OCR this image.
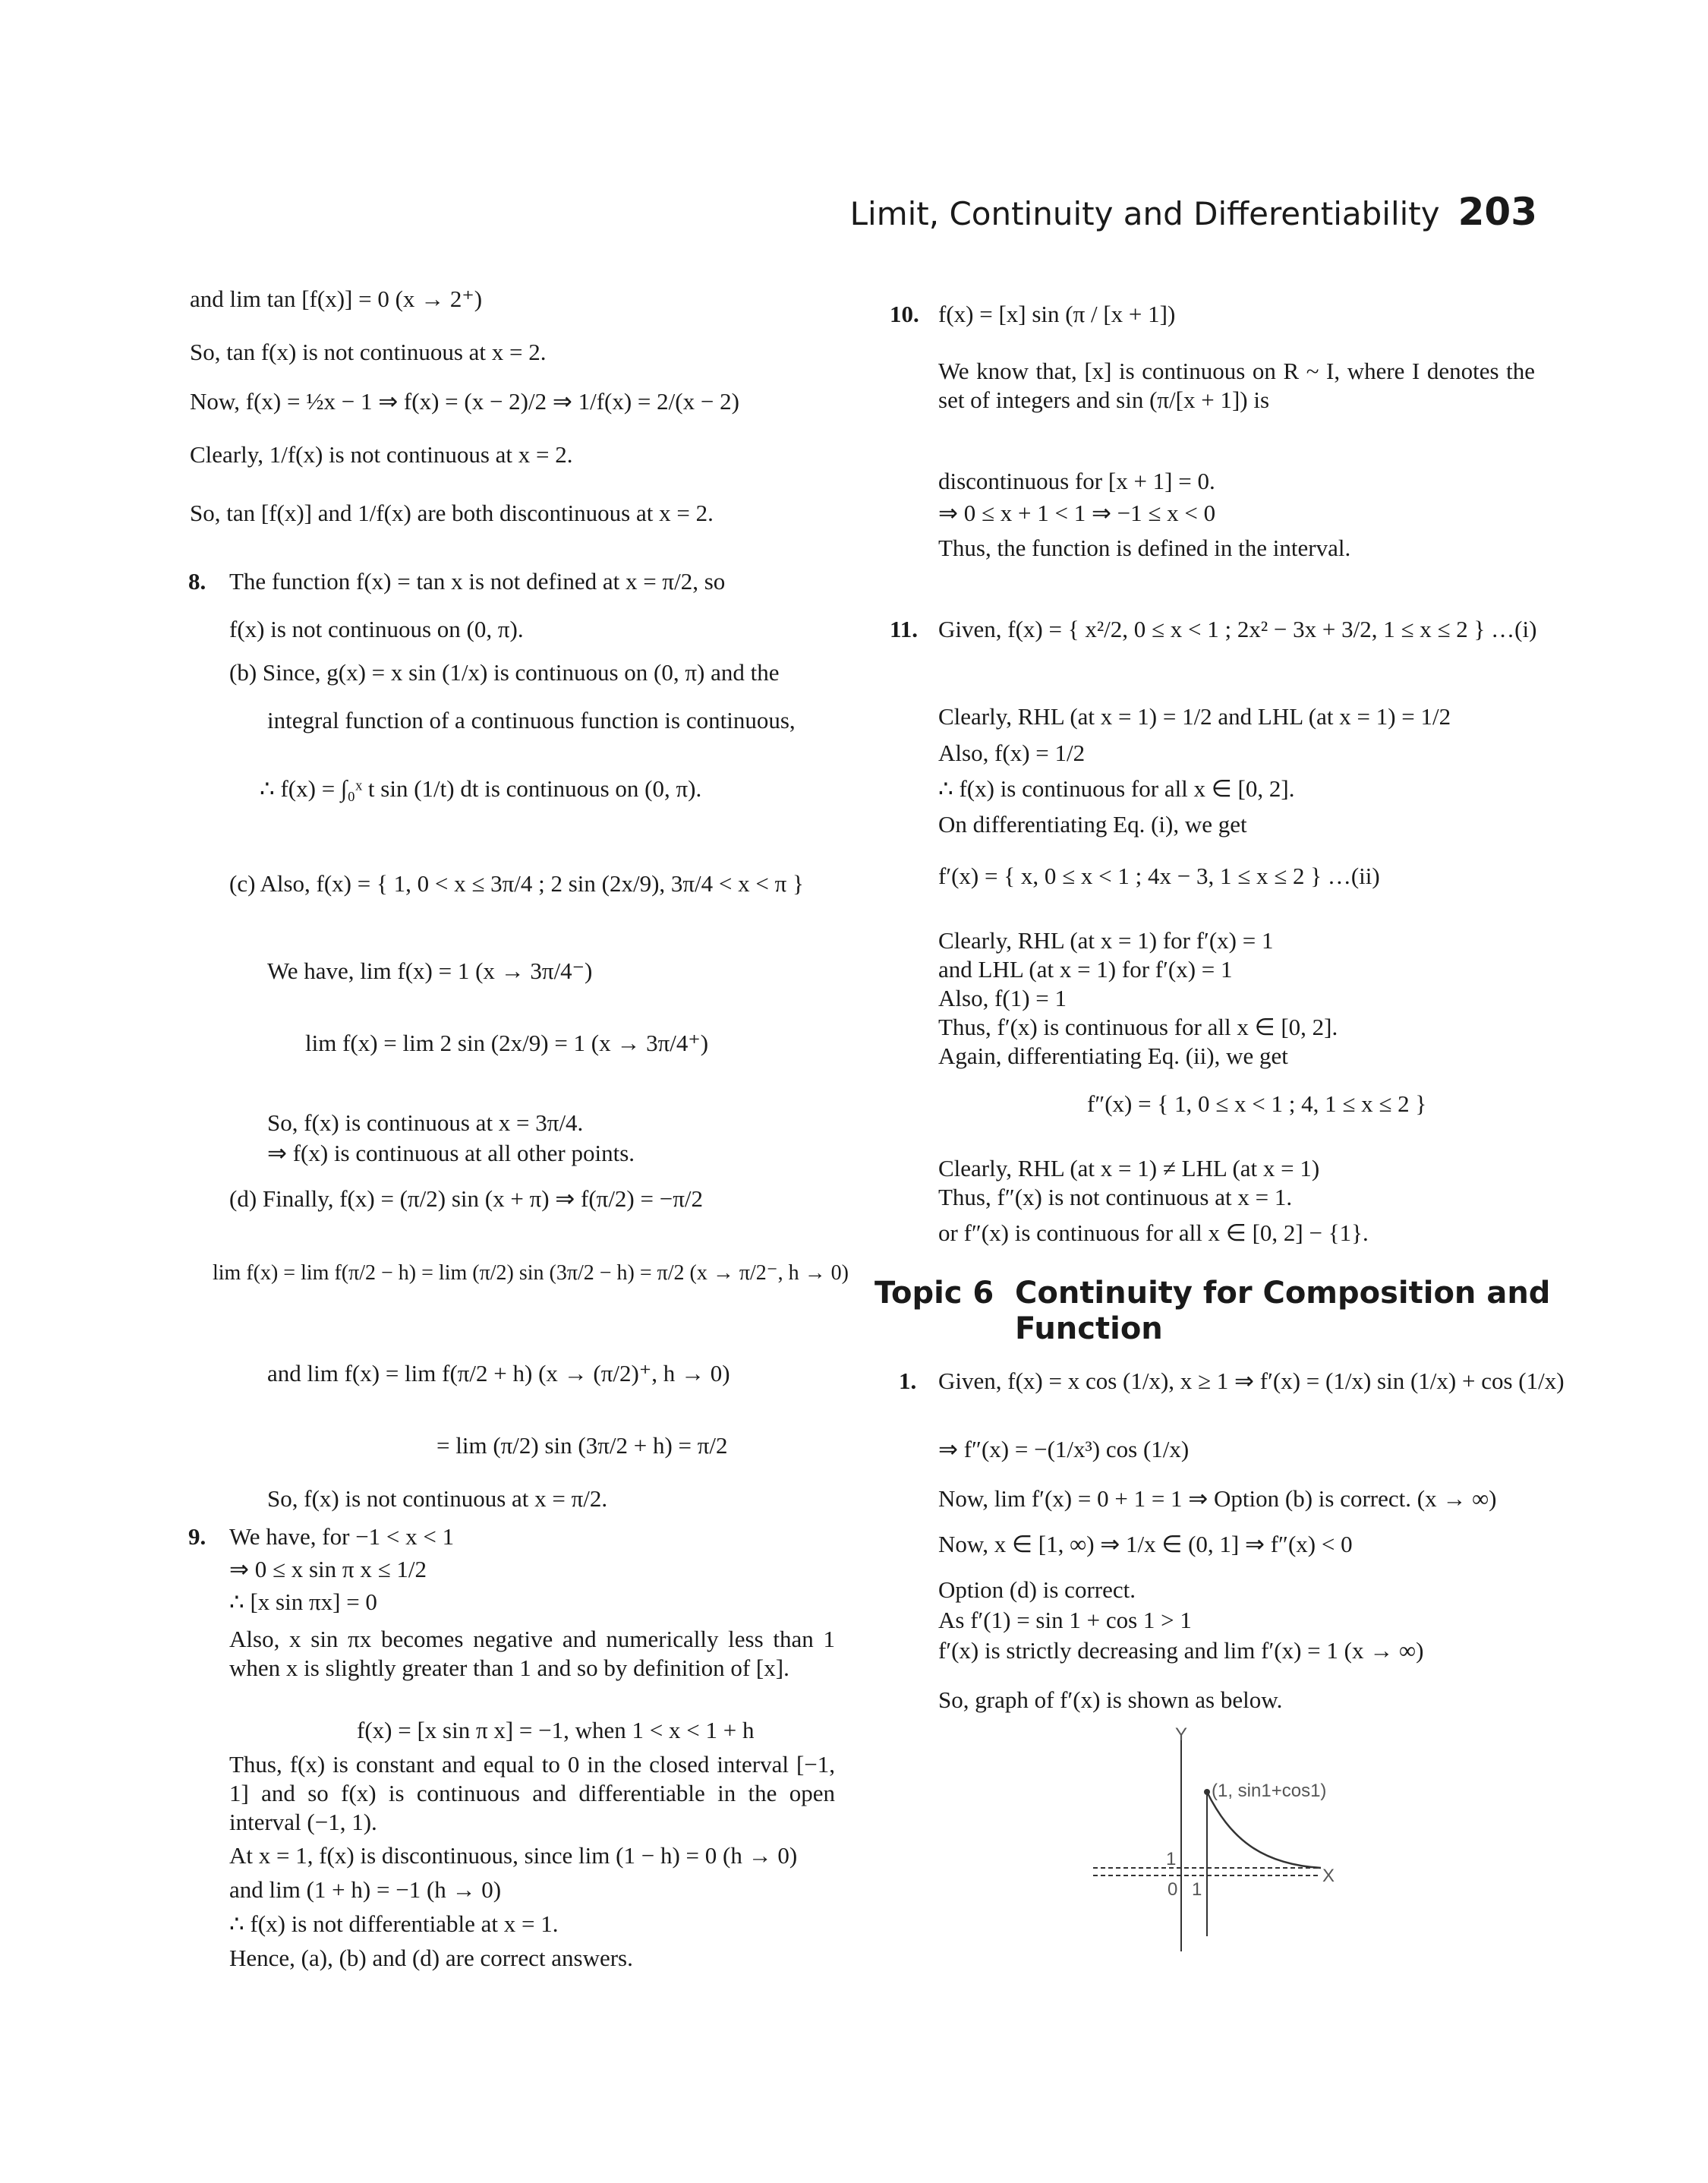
Limit, Continuity and Differentiability 203
and lim tan [f(x)] = 0 (x → 2⁺)
So, tan f(x) is not continuous at x = 2.
Now, f(x) = ½x − 1 ⇒ f(x) = (x − 2)/2 ⇒ 1/f(x) = 2/(x − 2)
Clearly, 1/f(x) is not continuous at x = 2.
So, tan [f(x)] and 1/f(x) are both discontinuous at x = 2.
8. The function f(x) = tan x is not defined at x = π/2, so
f(x) is not continuous on (0, π).
(b) Since, g(x) = x sin (1/x) is continuous on (0, π) and the
integral function of a continuous function is continuous,
∴ f(x) = ∫₀ˣ t sin (1/t) dt is continuous on (0, π).
(c) Also, f(x) = { 1, 0 < x ≤ 3π/4 ; 2 sin (2x/9), 3π/4 < x < π }
We have, lim f(x) = 1 (x → 3π/4⁻)
lim f(x) = lim 2 sin (2x/9) = 1 (x → 3π/4⁺)
So, f(x) is continuous at x = 3π/4.
⇒ f(x) is continuous at all other points.
(d) Finally, f(x) = (π/2) sin (x + π) ⇒ f(π/2) = −π/2
lim f(x) = lim f(π/2 − h) = lim (π/2) sin (3π/2 − h) = π/2 (x → π/2⁻, h → 0)
and lim f(x) = lim f(π/2 + h) (x → (π/2)⁺, h → 0)
= lim (π/2) sin (3π/2 + h) = π/2
So, f(x) is not continuous at x = π/2.
9. We have, for −1 < x < 1
⇒ 0 ≤ x sin π x ≤ 1/2
∴ [x sin πx] = 0
Also, x sin πx becomes negative and numerically less than 1 when x is slightly greater than 1 and so by definition of [x].
f(x) = [x sin π x] = −1, when 1 < x < 1 + h
Thus, f(x) is constant and equal to 0 in the closed interval [−1, 1] and so f(x) is continuous and differentiable in the open interval (−1, 1).
At x = 1, f(x) is discontinuous, since lim (1 − h) = 0 (h → 0)
and lim (1 + h) = −1 (h → 0)
∴ f(x) is not differentiable at x = 1.
Hence, (a), (b) and (d) are correct answers.
10. f(x) = [x] sin (π / [x + 1])
We know that, [x] is continuous on R ~ I, where I denotes the set of integers and sin (π/[x + 1]) is
discontinuous for [x + 1] = 0.
⇒ 0 ≤ x + 1 < 1 ⇒ −1 ≤ x < 0
Thus, the function is defined in the interval.
11. Given, f(x) = { x²/2, 0 ≤ x < 1 ; 2x² − 3x + 3/2, 1 ≤ x ≤ 2 } …(i)
Clearly, RHL (at x = 1) = 1/2 and LHL (at x = 1) = 1/2
Also, f(x) = 1/2
∴ f(x) is continuous for all x ∈ [0, 2].
On differentiating Eq. (i), we get
f′(x) = { x, 0 ≤ x < 1 ; 4x − 3, 1 ≤ x ≤ 2 } …(ii)
Clearly, RHL (at x = 1) for f′(x) = 1
and LHL (at x = 1) for f′(x) = 1
Also, f(1) = 1
Thus, f′(x) is continuous for all x ∈ [0, 2].
Again, differentiating Eq. (ii), we get
f″(x) = { 1, 0 ≤ x < 1 ; 4, 1 ≤ x ≤ 2 }
Clearly, RHL (at x = 1) ≠ LHL (at x = 1)
Thus, f″(x) is not continuous at x = 1.
or f″(x) is continuous for all x ∈ [0, 2] − {1}.
Topic 6 Continuity for Composition and
Function
1. Given, f(x) = x cos (1/x), x ≥ 1 ⇒ f′(x) = (1/x) sin (1/x) + cos (1/x)
⇒ f″(x) = −(1/x³) cos (1/x)
Now, lim f′(x) = 0 + 1 = 1 ⇒ Option (b) is correct. (x → ∞)
Now, x ∈ [1, ∞) ⇒ 1/x ∈ (0, 1] ⇒ f″(x) < 0
Option (d) is correct.
As f′(1) = sin 1 + cos 1 > 1
f′(x) is strictly decreasing and lim f′(x) = 1 (x → ∞)
So, graph of f′(x) is shown as below.
Y
X
(1, sin1+cos1)
1
0 1
